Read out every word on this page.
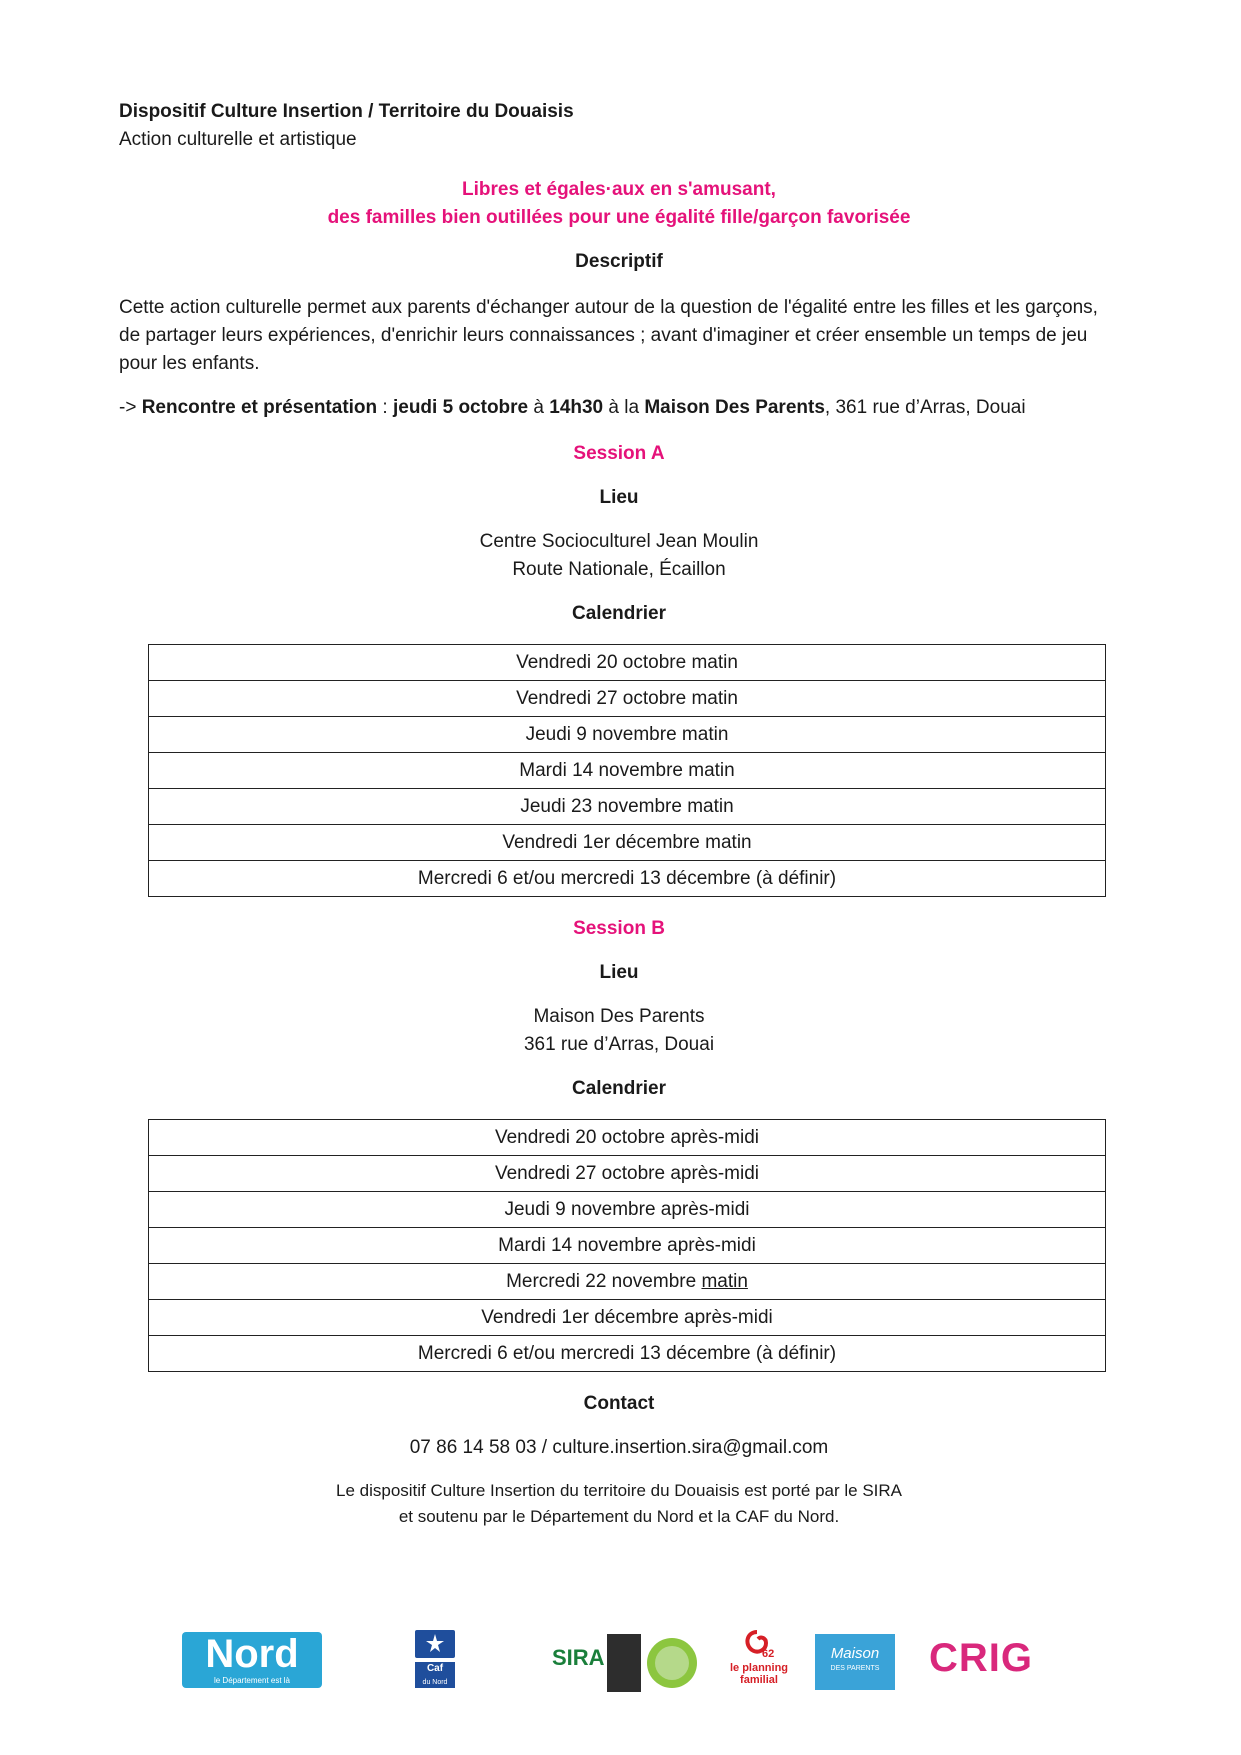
Dispositif Culture Insertion / Territoire du Douaisis

Action culturelle et artistique

Libres et égales·aux en s'amusant,

des familles bien outillées pour une égalité fille/garçon favorisée

Descriptif

Cette action culturelle permet aux parents d'échanger autour de la question de l'égalité entre les filles et les garçons, de partager leurs expériences, d'enrichir leurs connaissances ; avant d'imaginer et créer ensemble un temps de jeu pour les enfants.

-> Rencontre et présentation : jeudi 5 octobre à 14h30 à la Maison Des Parents, 361 rue d’Arras, Douai

Session A

Lieu

Centre Socioculturel Jean Moulin

Route Nationale, Écaillon

Calendrier

Vendredi 20 octobre matin
Vendredi 27 octobre matin
Jeudi 9 novembre matin
Mardi 14 novembre matin
Jeudi 23 novembre matin
Vendredi 1er décembre matin
Mercredi 6 et/ou mercredi 13 décembre (à définir)

Session B

Lieu

Maison Des Parents

361 rue d’Arras, Douai

Calendrier

Vendredi 20 octobre après-midi
Vendredi 27 octobre après-midi
Jeudi 9 novembre après-midi
Mardi 14 novembre après-midi
Mercredi 22 novembre matin
Vendredi 1er décembre après-midi
Mercredi 6 et/ou mercredi 13 décembre (à définir)

Contact

07 86 14 58 03 / culture.insertion.sira@gmail.com

Le dispositif Culture Insertion du territoire du Douaisis est porté par le SIRA

et soutenu par le Département du Nord et la CAF du Nord.

Nord
le Département est là
Caf
du Nord
SIRA	62
le planning familial
Maison
DES PARENTS	CRIG
